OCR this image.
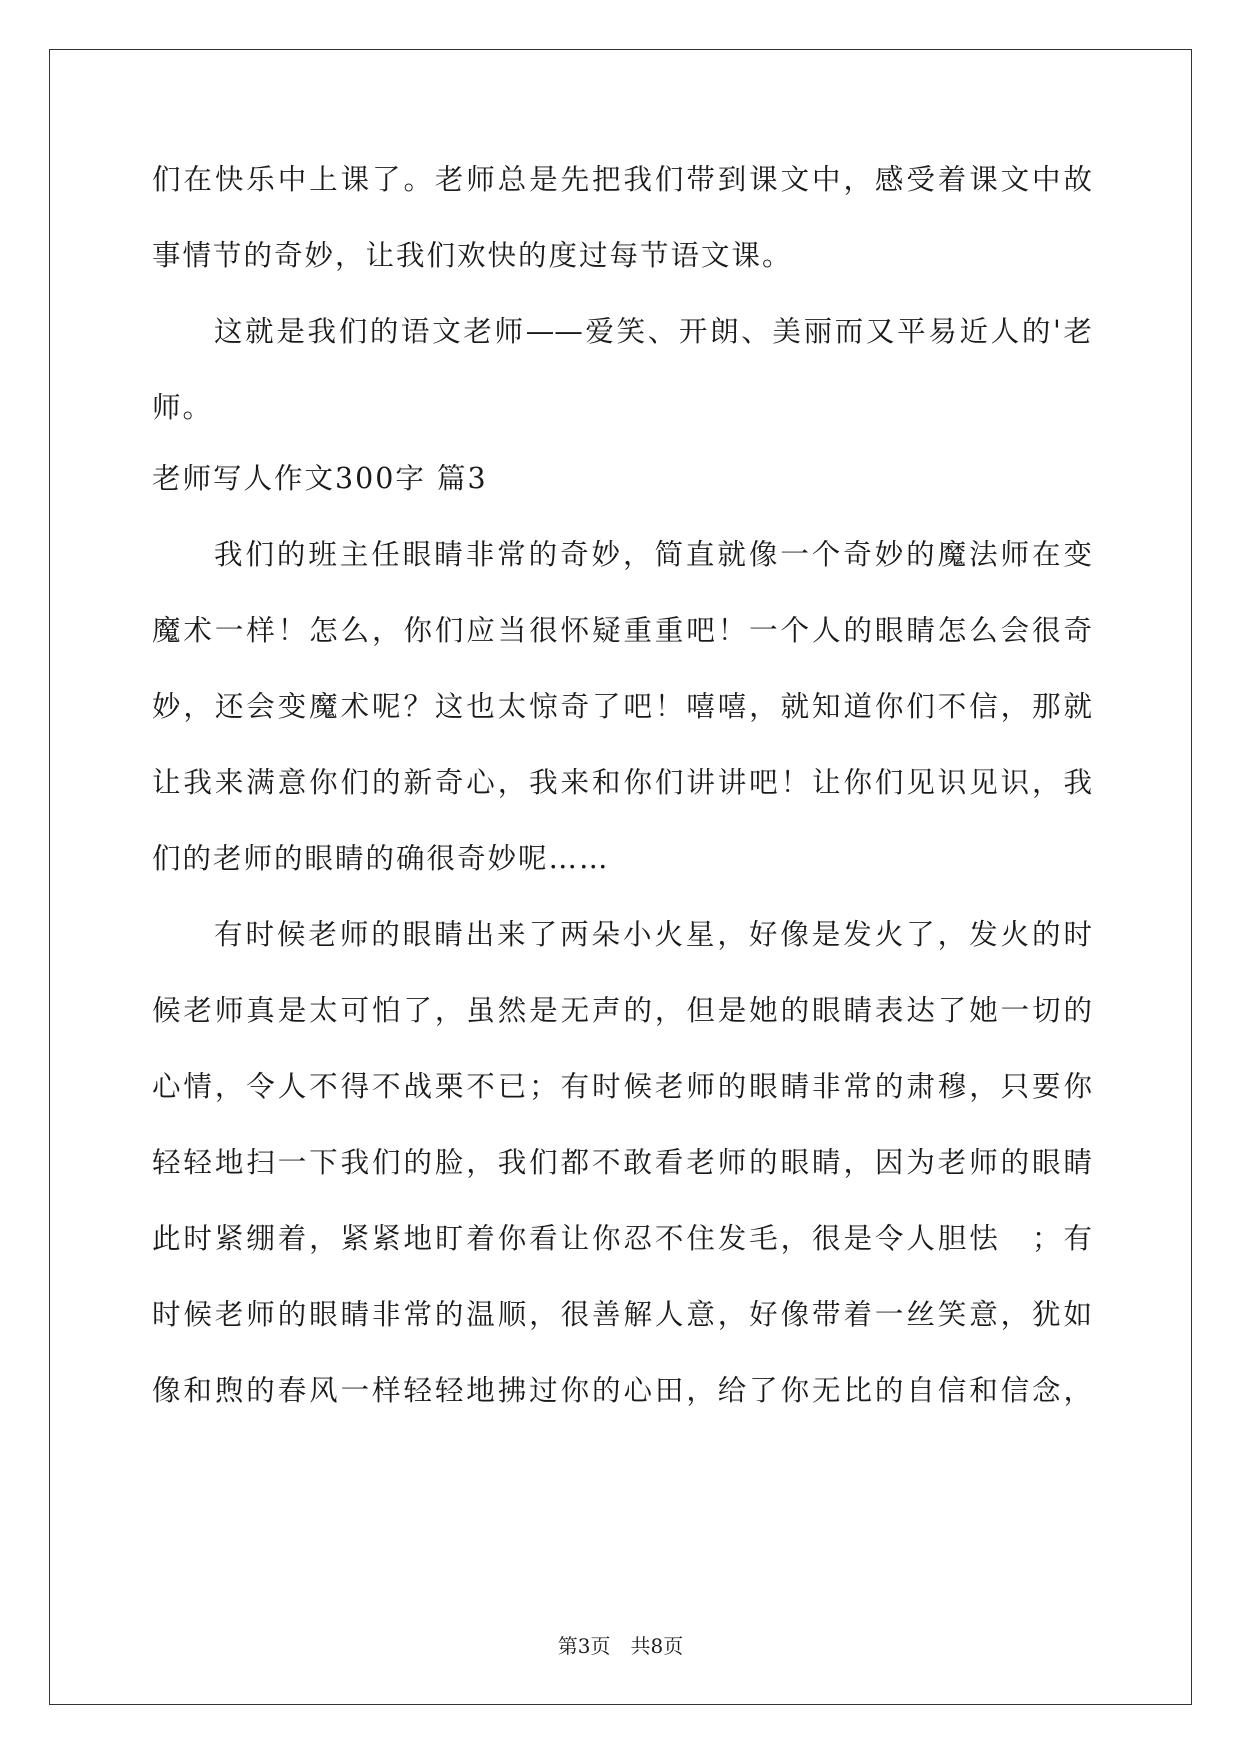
们在快乐中上课了。老师总是先把我们带到课文中，感受着课文中故
事情节的奇妙，让我们欢快的度过每节语文课。
这就是我们的语文老师——爱笑、开朗、美丽而又平易近人的'老
师。
老师写人作文300字 篇3
我们的班主任眼睛非常的奇妙，简直就像一个奇妙的魔法师在变
魔术一样！怎么，你们应当很怀疑重重吧！一个人的眼睛怎么会很奇
妙，还会变魔术呢？这也太惊奇了吧！嘻嘻，就知道你们不信，那就
让我来满意你们的新奇心，我来和你们讲讲吧！让你们见识见识，我
们的老师的眼睛的确很奇妙呢……
有时候老师的眼睛出来了两朵小火星，好像是发火了，发火的时
候老师真是太可怕了，虽然是无声的，但是她的眼睛表达了她一切的
心情，令人不得不战栗不已；有时候老师的眼睛非常的肃穆，只要你
轻轻地扫一下我们的脸，我们都不敢看老师的眼睛，因为老师的眼睛
此时紧绷着，紧紧地盯着你看让你忍不住发毛，很是令人胆怯　；有
时候老师的眼睛非常的温顺，很善解人意，好像带着一丝笑意，犹如
像和煦的春风一样轻轻地拂过你的心田，给了你无比的自信和信念，
第3页　共8页
